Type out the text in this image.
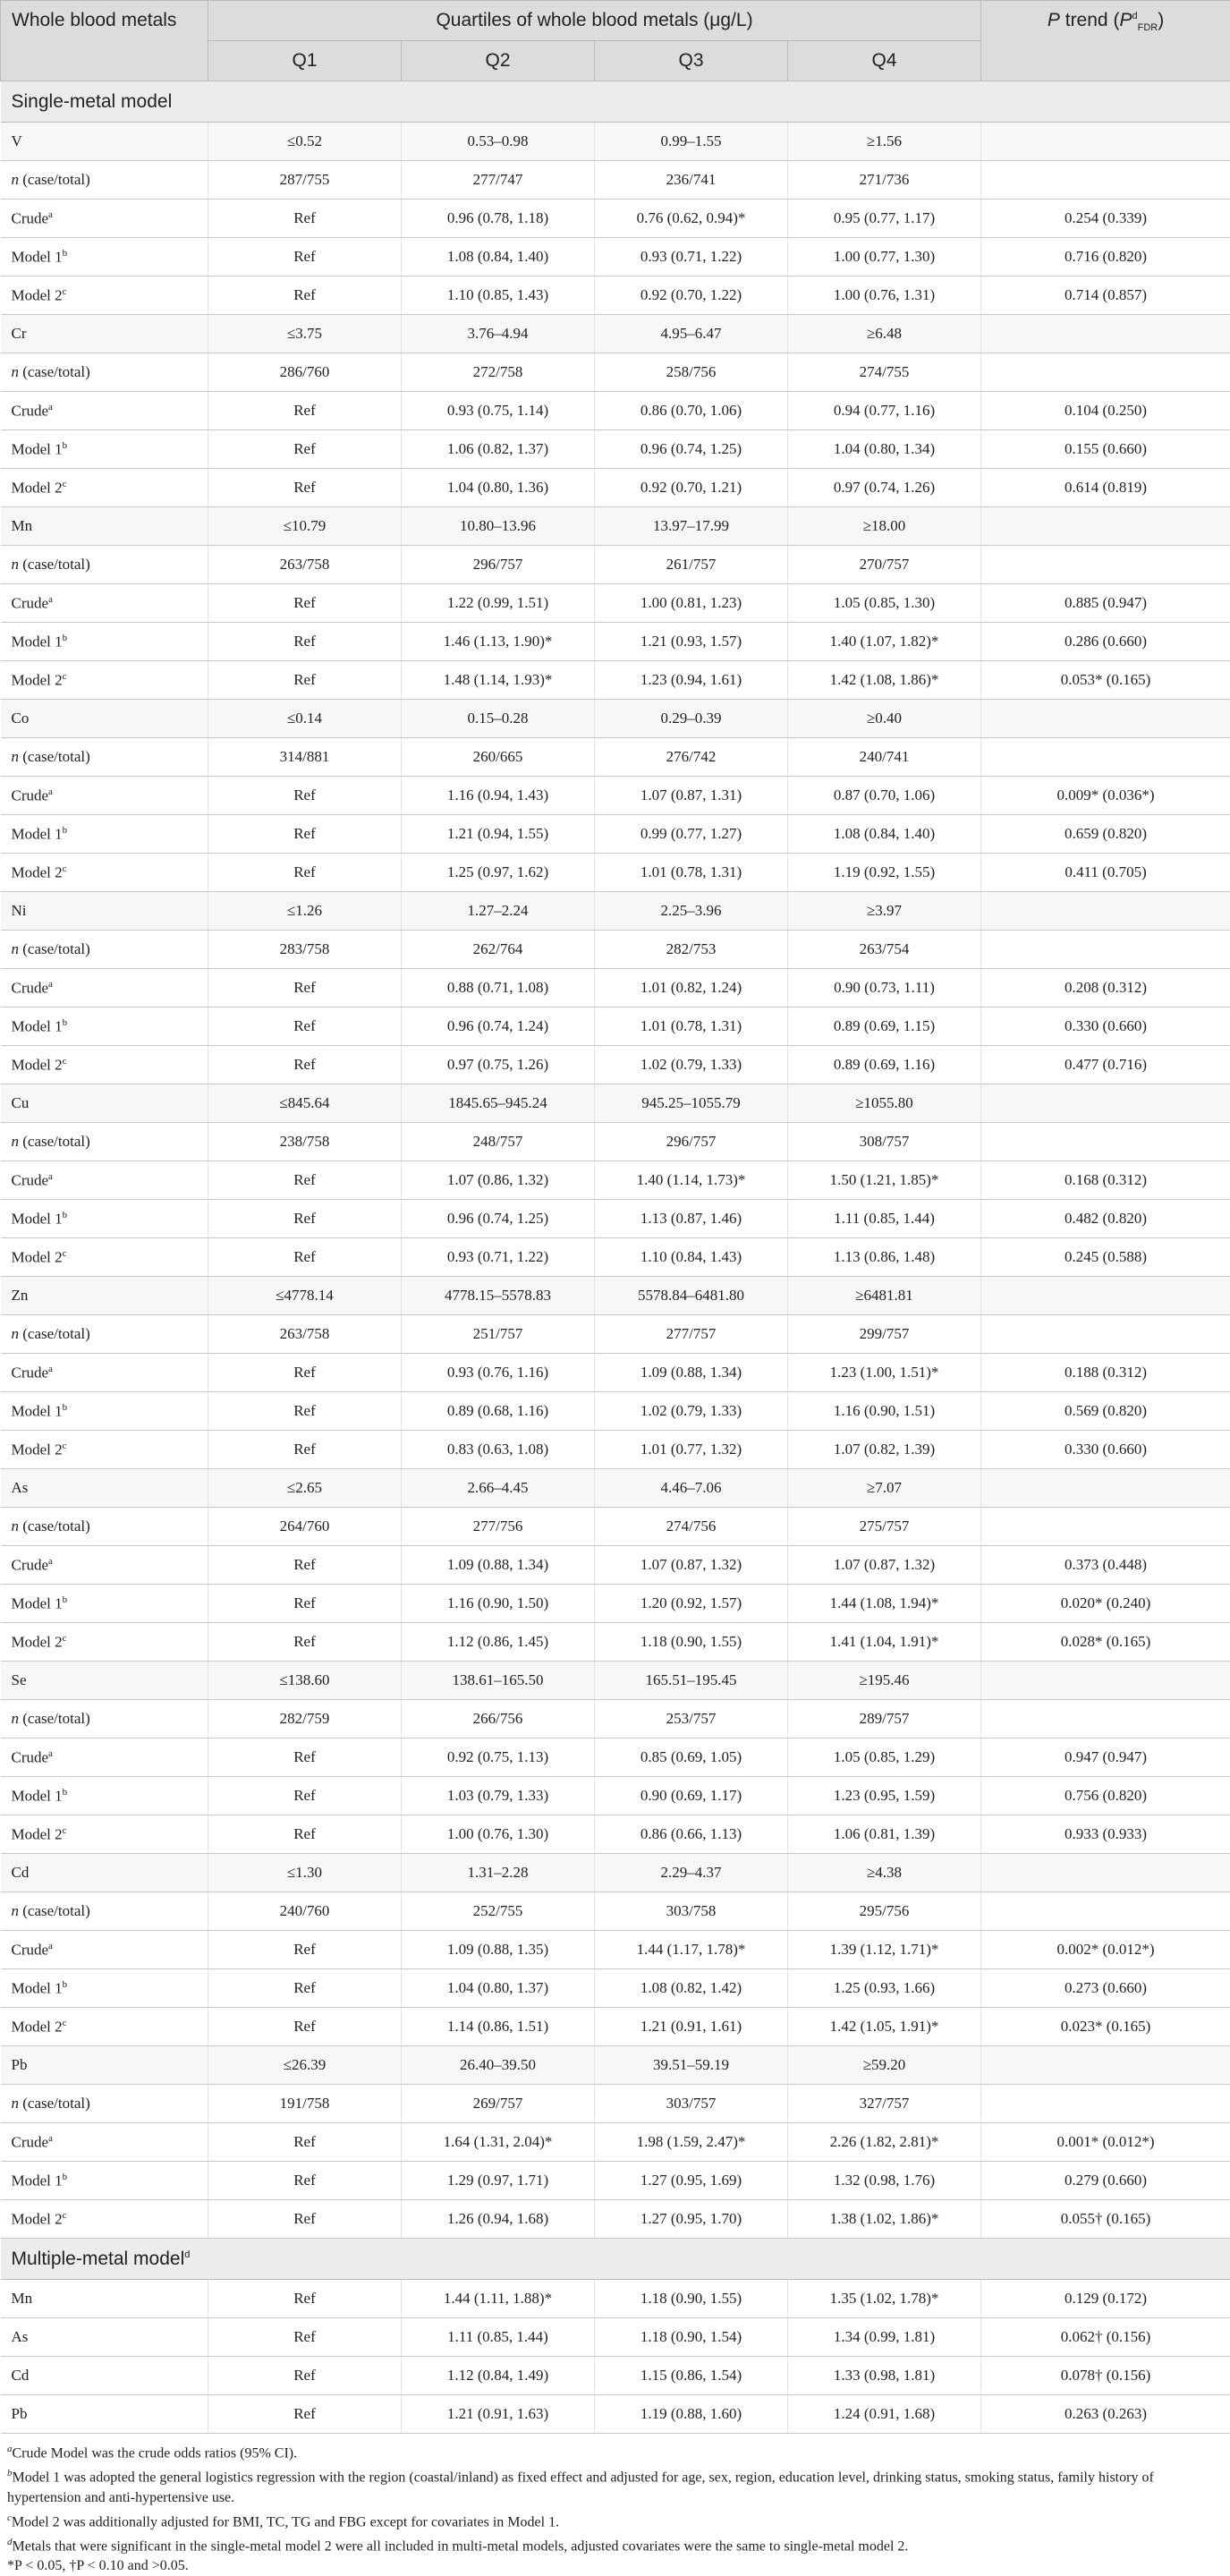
Whole blood metals	Quartiles of whole blood metals (μg/L)				P trend $(P^d_{FDR})$
	Q1	Q2	Q3	Q4	
Single-metal model					
V	≤0.52	0.53–0.98	0.99–1.55	≥1.56	
n (case/total)	287/755	277/747	236/741	271/736	
Crude$^a$	Ref	0.96 (0.78, 1.18)	0.76 (0.62, 0.94)*	0.95 (0.77, 1.17)	0.254 (0.339)
Model 1$^b$	Ref	1.08 (0.84, 1.40)	0.93 (0.71, 1.22)	1.00 (0.77, 1.30)	0.716 (0.820)
Model 2$^c$	Ref	1.10 (0.85, 1.43)	0.92 (0.70, 1.22)	1.00 (0.76, 1.31)	0.714 (0.857)
Cr	≤3.75	3.76–4.94	4.95–6.47	≥6.48	
n (case/total)	286/760	272/758	258/756	274/755	
Crude$^a$	Ref	0.93 (0.75, 1.14)	0.86 (0.70, 1.06)	0.94 (0.77, 1.16)	0.104 (0.250)
Model 1$^b$	Ref	1.06 (0.82, 1.37)	0.96 (0.74, 1.25)	1.04 (0.80, 1.34)	0.155 (0.660)
Model 2$^c$	Ref	1.04 (0.80, 1.36)	0.92 (0.70, 1.21)	0.97 (0.74, 1.26)	0.614 (0.819)
Mn	≤10.79	10.80–13.96	13.97–17.99	≥18.00	
n (case/total)	263/758	296/757	261/757	270/757	
Crude$^a$	Ref	1.22 (0.99, 1.51)	1.00 (0.81, 1.23)	1.05 (0.85, 1.30)	0.885 (0.947)
Model 1$^b$	Ref	1.46 (1.13, 1.90)*	1.21 (0.93, 1.57)	1.40 (1.07, 1.82)*	0.286 (0.660)
Model 2$^c$	Ref	1.48 (1.14, 1.93)*	1.23 (0.94, 1.61)	1.42 (1.08, 1.86)*	0.053* (0.165)
Co	≤0.14	0.15–0.28	0.29–0.39	≥0.40	
n (case/total)	314/881	260/665	276/742	240/741	
Crude$^a$	Ref	1.16 (0.94, 1.43)	1.07 (0.87, 1.31)	0.87 (0.70, 1.06)	0.009* (0.036*)
Model 1$^b$	Ref	1.21 (0.94, 1.55)	0.99 (0.77, 1.27)	1.08 (0.84, 1.40)	0.659 (0.820)
Model 2$^c$	Ref	1.25 (0.97, 1.62)	1.01 (0.78, 1.31)	1.19 (0.92, 1.55)	0.411 (0.705)
Ni	≤1.26	1.27–2.24	2.25–3.96	≥3.97	
n (case/total)	283/758	262/764	282/753	263/754	
Crude$^a$	Ref	0.88 (0.71, 1.08)	1.01 (0.82, 1.24)	0.90 (0.73, 1.11)	0.208 (0.312)
Model 1$^b$	Ref	0.96 (0.74, 1.24)	1.01 (0.78, 1.31)	0.89 (0.69, 1.15)	0.330 (0.660)
Model 2$^c$	Ref	0.97 (0.75, 1.26)	1.02 (0.79, 1.33)	0.89 (0.69, 1.16)	0.477 (0.716)
Cu	≤845.64	1845.65–945.24	945.25–1055.79	≥1055.80	
n (case/total)	238/758	248/757	296/757	308/757	
Crude$^a$	Ref	1.07 (0.86, 1.32)	1.40 (1.14, 1.73)*	1.50 (1.21, 1.85)*	0.168 (0.312)
Model 1$^b$	Ref	0.96 (0.74, 1.25)	1.13 (0.87, 1.46)	1.11 (0.85, 1.44)	0.482 (0.820)
Model 2$^c$	Ref	0.93 (0.71, 1.22)	1.10 (0.84, 1.43)	1.13 (0.86, 1.48)	0.245 (0.588)
Zn	≤4778.14	4778.15–5578.83	5578.84–6481.80	≥6481.81	
n (case/total)	263/758	251/757	277/757	299/757	
Crude$^a$	Ref	0.93 (0.76, 1.16)	1.09 (0.88, 1.34)	1.23 (1.00, 1.51)*	0.188 (0.312)
Model 1$^b$	Ref	0.89 (0.68, 1.16)	1.02 (0.79, 1.33)	1.16 (0.90, 1.51)	0.569 (0.820)
Model 2$^c$	Ref	0.83 (0.63, 1.08)	1.01 (0.77, 1.32)	1.07 (0.82, 1.39)	0.330 (0.660)
As	≤2.65	2.66–4.45	4.46–7.06	≥7.07	
n (case/total)	264/760	277/756	274/756	275/757	
Crude$^a$	Ref	1.09 (0.88, 1.34)	1.07 (0.87, 1.32)	1.07 (0.87, 1.32)	0.373 (0.448)
Model 1$^b$	Ref	1.16 (0.90, 1.50)	1.20 (0.92, 1.57)	1.44 (1.08, 1.94)*	0.020* (0.240)
Model 2$^c$	Ref	1.12 (0.86, 1.45)	1.18 (0.90, 1.55)	1.41 (1.04, 1.91)*	0.028* (0.165)
Se	≤138.60	138.61–165.50	165.51–195.45	≥195.46	
n (case/total)	282/759	266/756	253/757	289/757	
Crude$^a$	Ref	0.92 (0.75, 1.13)	0.85 (0.69, 1.05)	1.05 (0.85, 1.29)	0.947 (0.947)
Model 1$^b$	Ref	1.03 (0.79, 1.33)	0.90 (0.69, 1.17)	1.23 (0.95, 1.59)	0.756 (0.820)
Model 2$^c$	Ref	1.00 (0.76, 1.30)	0.86 (0.66, 1.13)	1.06 (0.81, 1.39)	0.933 (0.933)
Cd	≤1.30	1.31–2.28	2.29–4.37	≥4.38	
n (case/total)	240/760	252/755	303/758	295/756	
Crude$^a$	Ref	1.09 (0.88, 1.35)	1.44 (1.17, 1.78)*	1.39 (1.12, 1.71)*	0.002* (0.012*)
Model 1$^b$	Ref	1.04 (0.80, 1.37)	1.08 (0.82, 1.42)	1.25 (0.93, 1.66)	0.273 (0.660)
Model 2$^c$	Ref	1.14 (0.86, 1.51)	1.21 (0.91, 1.61)	1.42 (1.05, 1.91)*	0.023* (0.165)
Pb	≤26.39	26.40–39.50	39.51–59.19	≥59.20	
n (case/total)	191/758	269/757	303/757	327/757	
Crude$^a$	Ref	1.64 (1.31, 2.04)*	1.98 (1.59, 2.47)*	2.26 (1.82, 2.81)*	0.001* (0.012*)
Model 1$^b$	Ref	1.29 (0.97, 1.71)	1.27 (0.95, 1.69)	1.32 (0.98, 1.76)	0.279 (0.660)
Model 2$^c$	Ref	1.26 (0.94, 1.68)	1.27 (0.95, 1.70)	1.38 (1.02, 1.86)*	0.055† (0.165)
Multiple-metal model$^d$
Mn	Ref	1.44 (1.11, 1.88)*	1.18 (0.90, 1.55)	1.35 (1.02, 1.78)*	0.129 (0.172)
As	Ref	1.11 (0.85, 1.44)	1.18 (0.90, 1.54)	1.34 (0.99, 1.81)	0.062† (0.156)
Cd	Ref	1.12 (0.84, 1.49)	1.15 (0.86, 1.54)	1.33 (0.98, 1.81)	0.078† (0.156)
Pb	Ref	1.21 (0.91, 1.63)	1.19 (0.88, 1.60)	1.24 (0.91, 1.68)	0.263 (0.263)

$^a$Crude Model was the crude odds ratios (95% CI).

$^b$Model 1 was adopted the general logistics regression with the region (coastal/inland) as fixed effect and adjusted for age, sex, region, education level, drinking status, smoking status, family history of hypertension and anti-hypertensive use.

$^c$Model 2 was additionally adjusted for BMI, TC, TG and FBG except for covariates in Model 1.

$^d$Metals that were significant in the single-metal model 2 were all included in multi-metal models, adjusted covariates were the same to single-metal model 2.

*P < 0.05, †P < 0.10 and >0.05.
